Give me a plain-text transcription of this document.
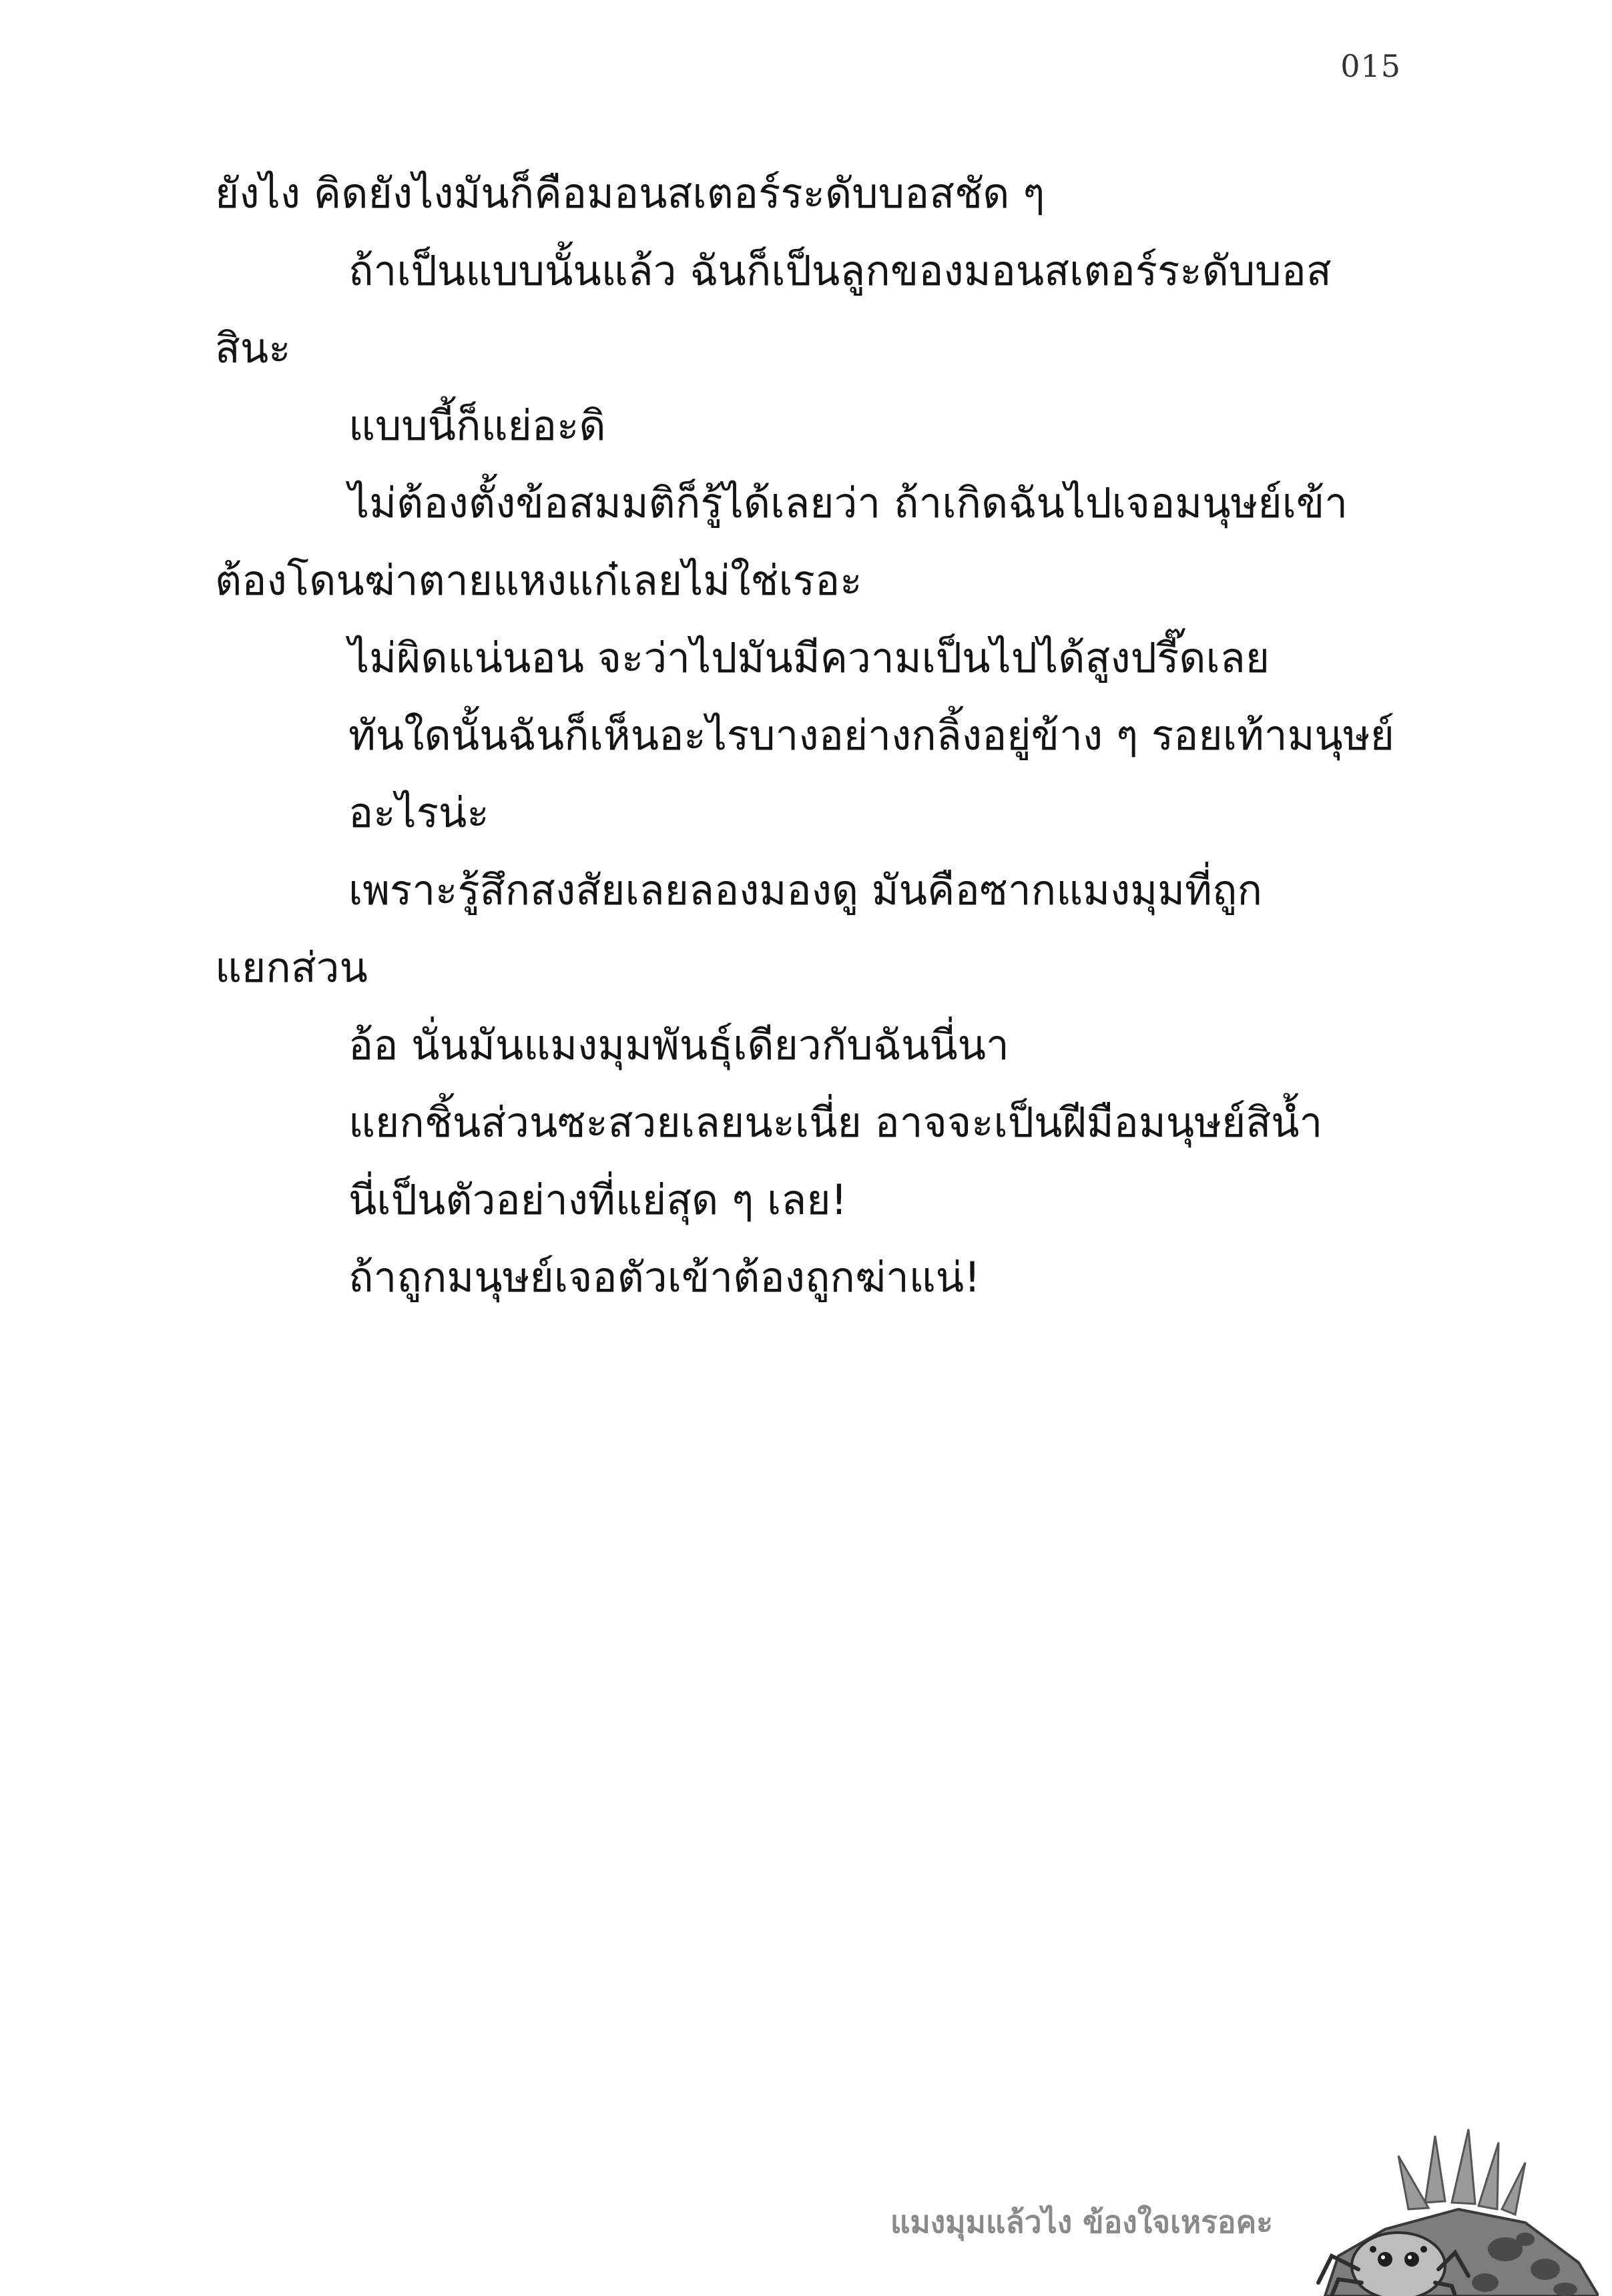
015
ยังไง คิดยังไงมันก็คือมอนสเตอร์ระดับบอสชัด ๆ
ถ้าเป็นแบบนั้นแล้ว ฉันก็เป็นลูกของมอนสเตอร์ระดับบอส
สินะ
แบบนี้ก็แย่อะดิ
ไม่ต้องตั้งข้อสมมติก็รู้ได้เลยว่า ถ้าเกิดฉันไปเจอมนุษย์เข้า
ต้องโดนฆ่าตายแหงแก๋เลยไม่ใช่เรอะ
ไม่ผิดแน่นอน จะว่าไปมันมีความเป็นไปได้สูงปรี๊ดเลย
ทันใดนั้นฉันก็เห็นอะไรบางอย่างกลิ้งอยู่ข้าง ๆ รอยเท้ามนุษย์
อะไรน่ะ
เพราะรู้สึกสงสัยเลยลองมองดู มันคือซากแมงมุมที่ถูก
แยกส่วน
อ้อ นั่นมันแมงมุมพันธุ์เดียวกับฉันนี่นา
แยกชิ้นส่วนซะสวยเลยนะเนี่ย อาจจะเป็นฝีมือมนุษย์สินํ้า
นี่เป็นตัวอย่างที่แย่สุด ๆ เลย!
ถ้าถูกมนุษย์เจอตัวเข้าต้องถูกฆ่าแน่!
แมงมุมแล้วไง ข้องใจเหรอคะ
